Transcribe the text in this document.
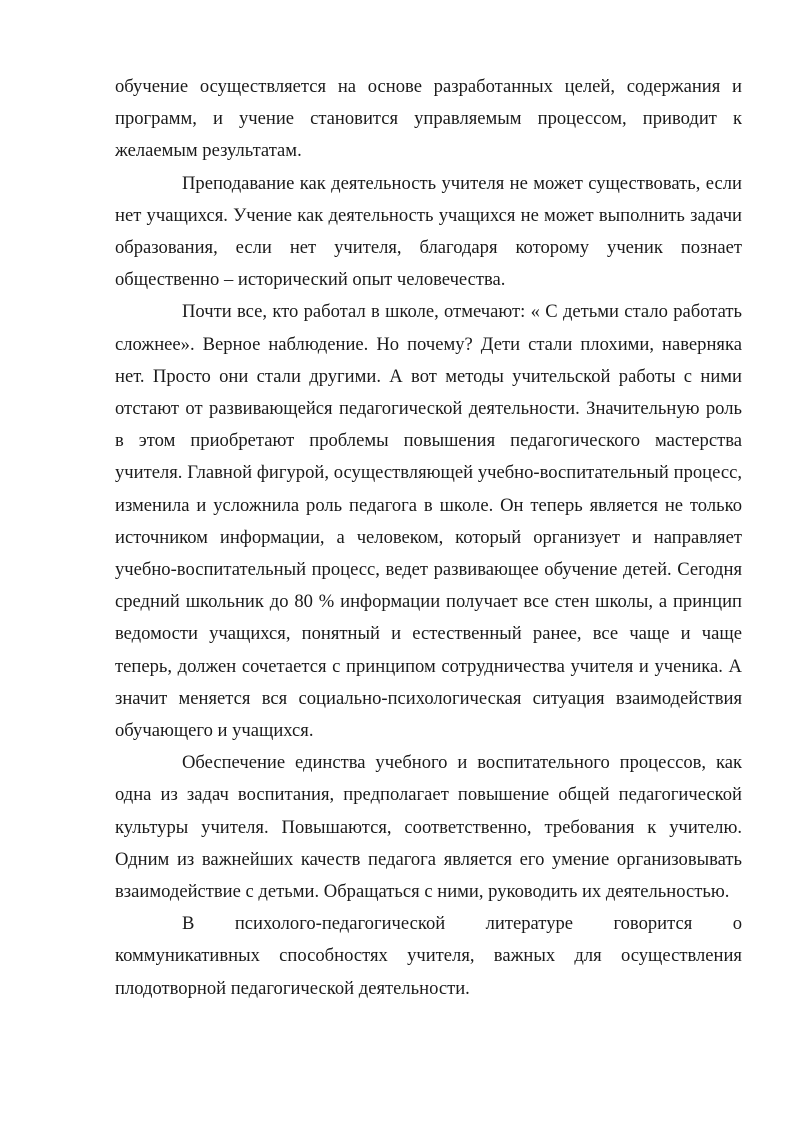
обучение осуществляется на основе разработанных целей, содержания и программ, и учение становится управляемым процессом, приводит к желаемым результатам.

Преподавание как деятельность учителя не может существовать, если нет учащихся. Учение как деятельность учащихся не может выполнить задачи образования, если нет учителя, благодаря которому ученик познает общественно – исторический опыт человечества.

Почти все, кто работал в школе, отмечают: « С детьми стало работать сложнее». Верное наблюдение. Но почему? Дети стали плохими, наверняка нет. Просто они стали другими. А вот методы учительской работы с ними отстают от развивающейся педагогической деятельности. Значительную роль в этом приобретают проблемы повышения педагогического мастерства учителя. Главной фигурой, осуществляющей учебно-воспитательный процесс, изменила и усложнила роль педагога в школе. Он теперь является не только источником информации, а человеком, который организует и направляет учебно-воспитательный процесс, ведет развивающее обучение детей. Сегодня средний школьник до 80 % информации получает все стен школы, а принцип ведомости учащихся, понятный и естественный ранее, все чаще и чаще теперь, должен сочетается с принципом сотрудничества учителя и ученика. А значит меняется вся социально-психологическая ситуация взаимодействия обучающего и учащихся.

Обеспечение единства учебного и воспитательного процессов, как одна из задач воспитания, предполагает повышение общей педагогической культуры учителя. Повышаются, соответственно, требования к учителю. Одним из важнейших качеств педагога является его умение организовывать взаимодействие с детьми. Обращаться с ними, руководить их деятельностью.

В психолого-педагогической литературе говорится о коммуникативных способностях учителя, важных для осуществления плодотворной педагогической деятельности.
